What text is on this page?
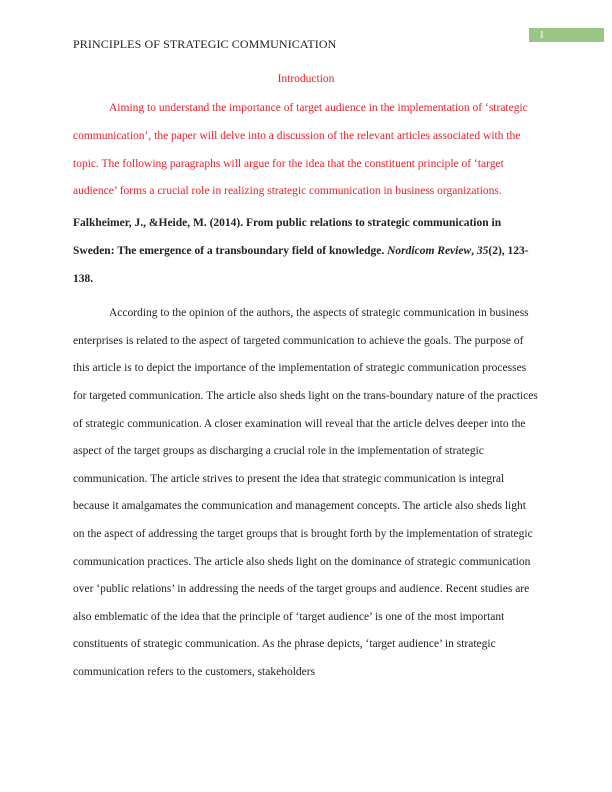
1
PRINCIPLES OF STRATEGIC COMMUNICATION

Introduction

Aiming to understand the importance of target audience in the implementation of ‘strategic communication’, the paper will delve into a discussion of the relevant articles associated with the topic. The following paragraphs will argue for the idea that the constituent principle of ‘target audience’ forms a crucial role in realizing strategic communication in business organizations.

Falkheimer, J., &Heide, M. (2014). From public relations to strategic communication in Sweden: The emergence of a transboundary field of knowledge. Nordicom Review, 35(2), 123-138.

According to the opinion of the authors, the aspects of strategic communication in business enterprises is related to the aspect of targeted communication to achieve the goals. The purpose of this article is to depict the importance of the implementation of strategic communication processes for targeted communication. The article also sheds light on the trans-boundary nature of the practices of strategic communication. A closer examination will reveal that the article delves deeper into the aspect of the target groups as discharging a crucial role in the implementation of strategic communication. The article strives to present the idea that strategic communication is integral because it amalgamates the communication and management concepts. The article also sheds light on the aspect of addressing the target groups that is brought forth by the implementation of strategic communication practices. The article also sheds light on the dominance of strategic communication over ‘public relations’ in addressing the needs of the target groups and audience. Recent studies are also emblematic of the idea that the principle of ‘target audience’ is one of the most important constituents of strategic communication. As the phrase depicts, ‘target audience’ in strategic communication refers to the customers, stakeholders
